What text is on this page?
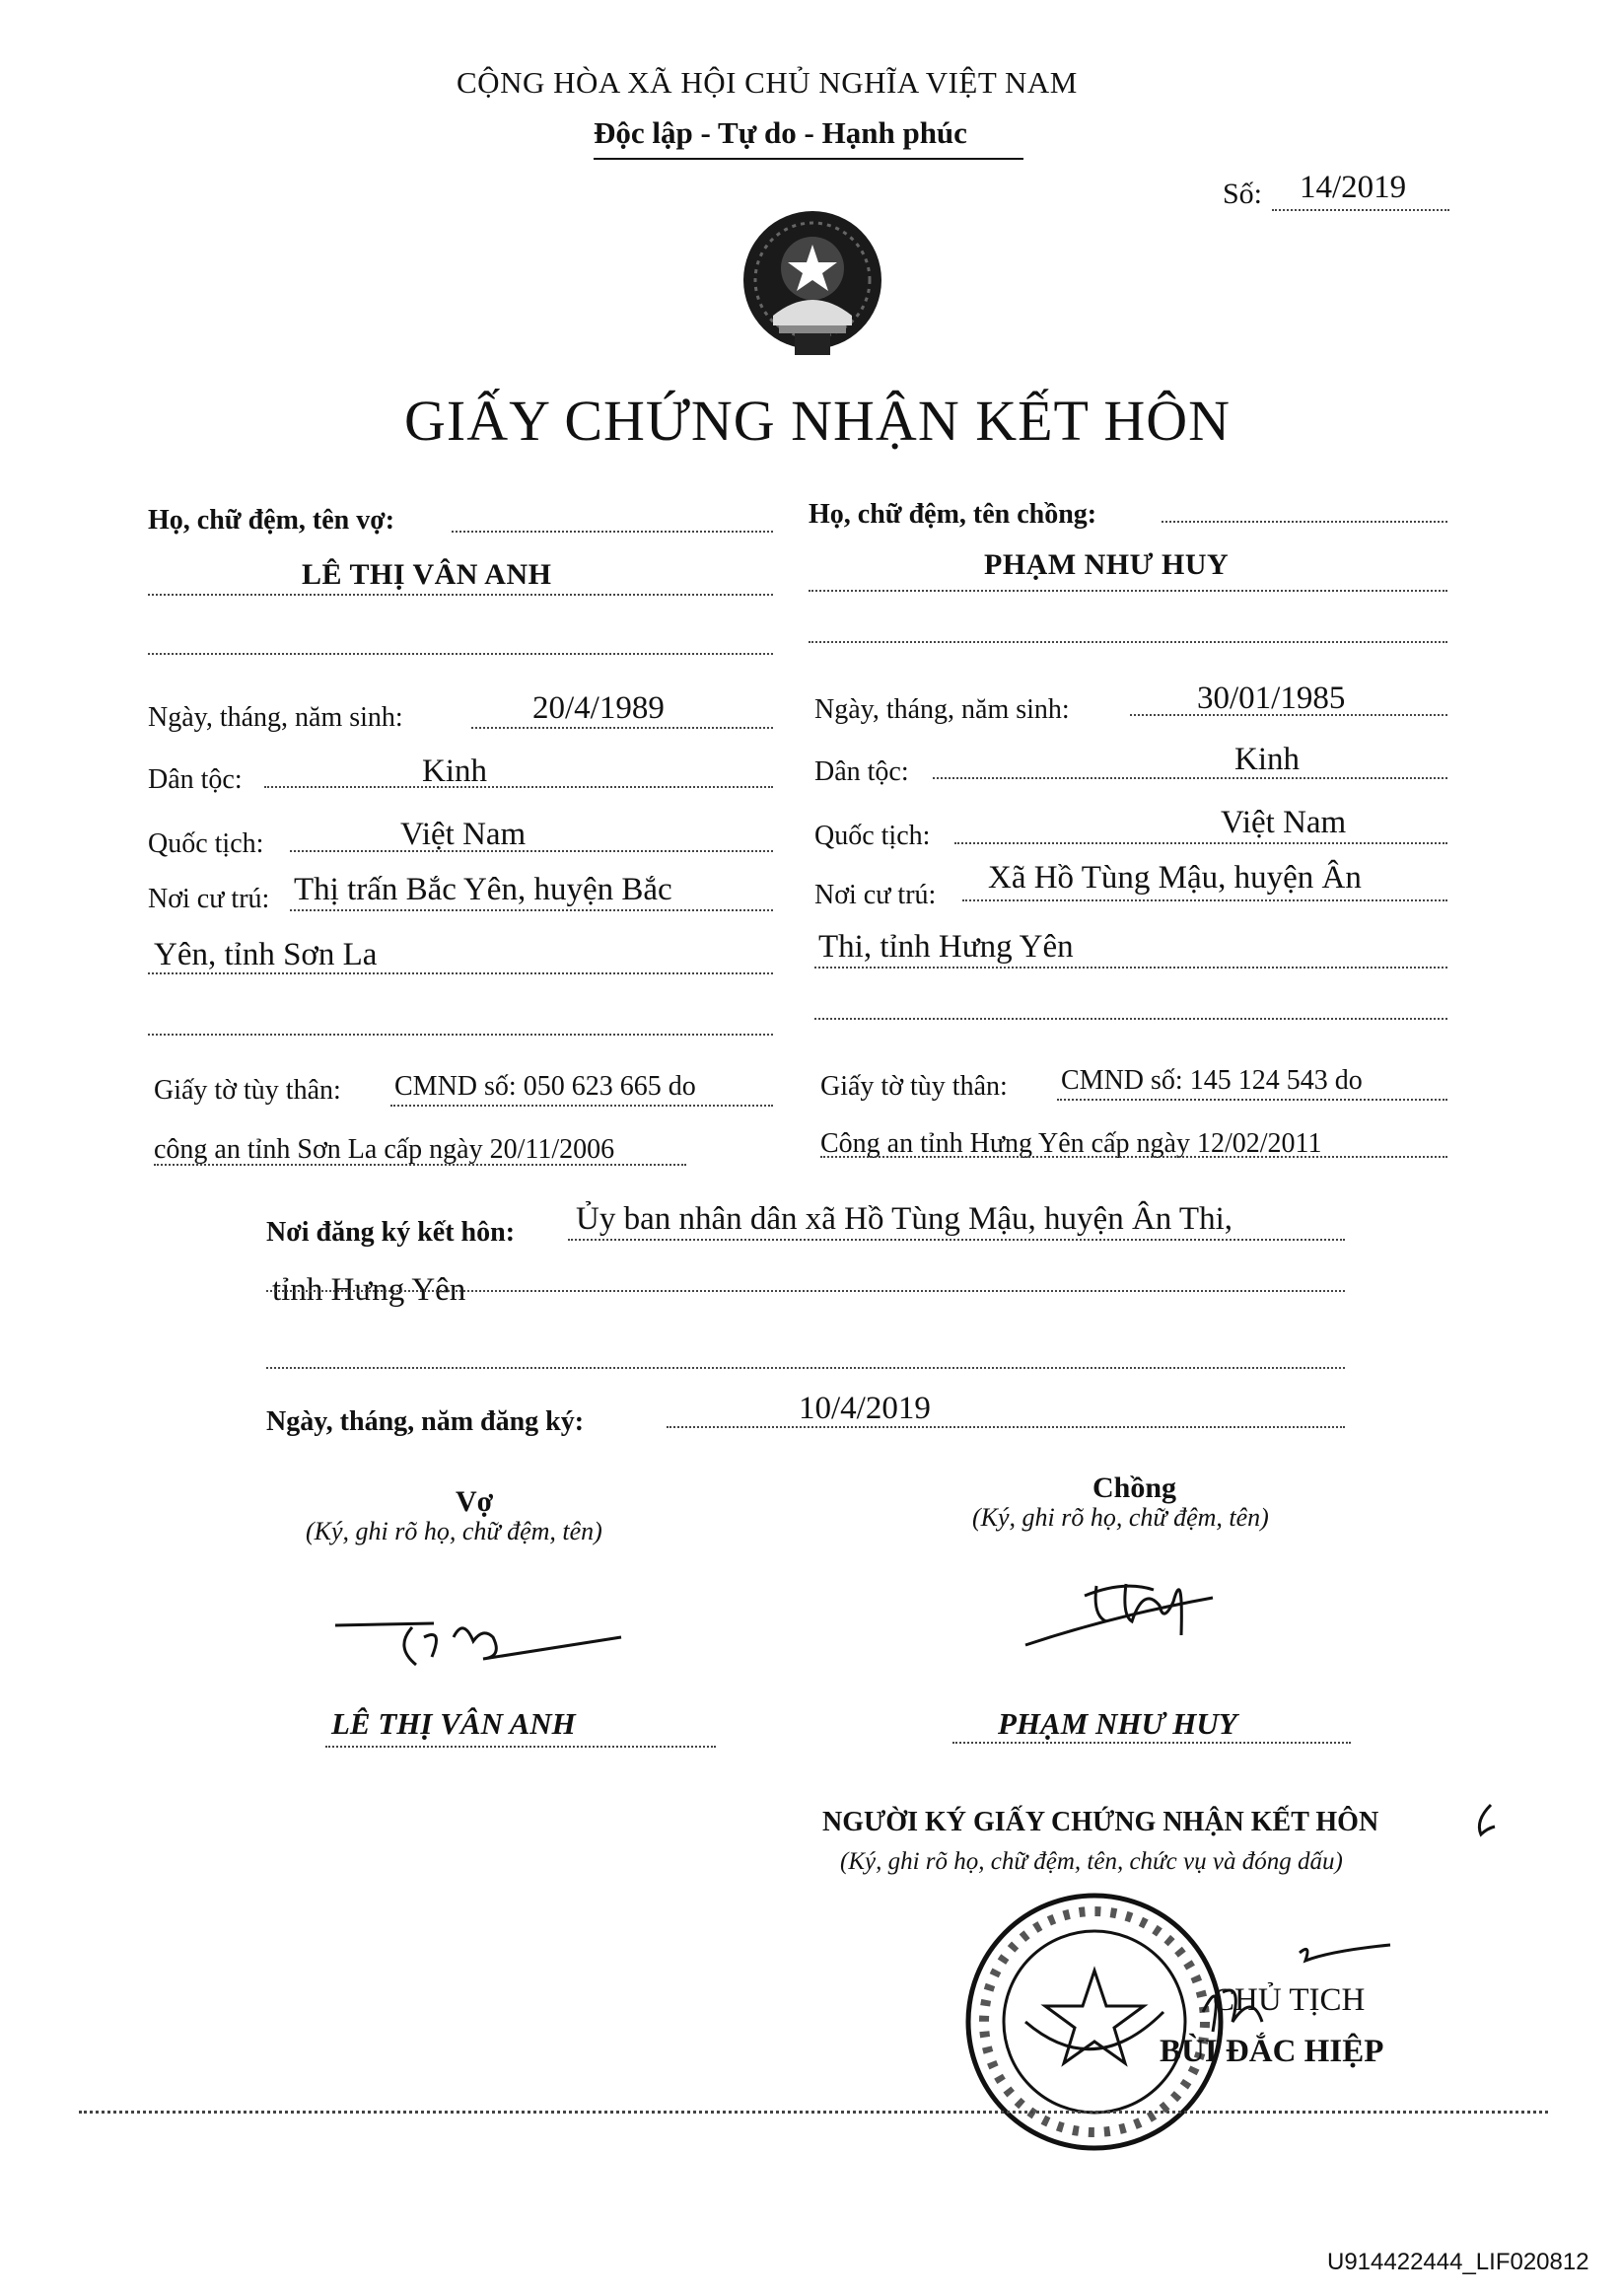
CỘNG HÒA XÃ HỘI CHỦ NGHĨA VIỆT NAM
Độc lập - Tự do - Hạnh phúc
Số: 14/2019
GIẤY CHỨNG NHẬN KẾT HÔN
Họ, chữ đệm, tên vợ:
LÊ THỊ VÂN ANH
Ngày, tháng, năm sinh:	20/4/1989
Dân tộc:	Kinh
Quốc tịch:	Việt Nam
Nơi cư trú: Thị trấn Bắc Yên, huyện Bắc
Yên, tỉnh Sơn La
Giấy tờ tùy thân: CMND số: 050 623 665 do
công an tỉnh Sơn La cấp ngày 20/11/2006
Họ, chữ đệm, tên chồng:
PHẠM NHƯ HUY
Ngày, tháng, năm sinh:	30/01/1985
Dân tộc:	Kinh
Quốc tịch:	Việt Nam
Nơi cư trú: Xã Hồ Tùng Mậu, huyện Ân
Thi, tỉnh Hưng Yên
Giấy tờ tùy thân: CMND số: 145 124 543 do
Công an tỉnh Hưng Yên cấp ngày 12/02/2011
Nơi đăng ký kết hôn: Ủy ban nhân dân xã Hồ Tùng Mậu, huyện Ân Thi,
tỉnh Hưng Yên
Ngày, tháng, năm đăng ký:	10/4/2019
Vợ
(Ký, ghi rõ họ, chữ đệm, tên)
LÊ THỊ VÂN ANH
Chồng
(Ký, ghi rõ họ, chữ đệm, tên)
PHẠM NHƯ HUY
NGƯỜI KÝ GIẤY CHỨNG NHẬN KẾT HÔN
(Ký, ghi rõ họ, chữ đệm, tên, chức vụ và đóng dấu)
CHỦ TỊCH
BÙI ĐẮC HIỆP
U914422444_LIF020812
